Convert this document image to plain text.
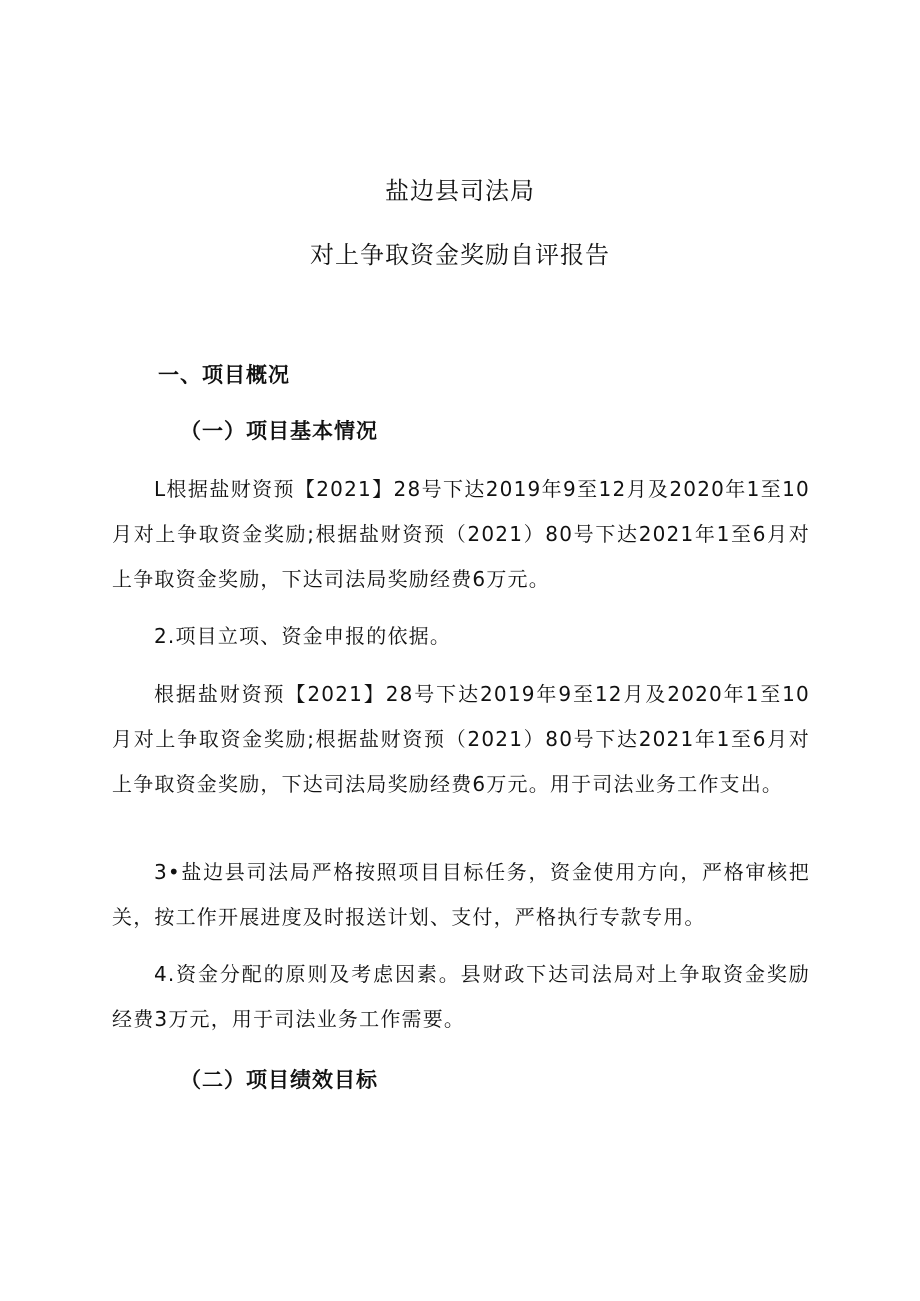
盐边县司法局
对上争取资金奖励自评报告
一、项目概况
（一）项目基本情况

L根据盐财资预【2021】28号下达2019年9至12月及2020年1至10月对上争取资金奖励;根据盐财资预（2021）80号下达2021年1至6月对上争取资金奖励，下达司法局奖励经费6万元。

2.项目立项、资金申报的依据。

根据盐财资预【2021】28号下达2019年9至12月及2020年1至10月对上争取资金奖励;根据盐财资预（2021）80号下达2021年1至6月对上争取资金奖励，下达司法局奖励经费6万元。用于司法业务工作支出。

3•盐边县司法局严格按照项目目标任务，资金使用方向，严格审核把关，按工作开展进度及时报送计划、支付，严格执行专款专用。

4.资金分配的原则及考虑因素。县财政下达司法局对上争取资金奖励经费3万元，用于司法业务工作需要。

（二）项目绩效目标
